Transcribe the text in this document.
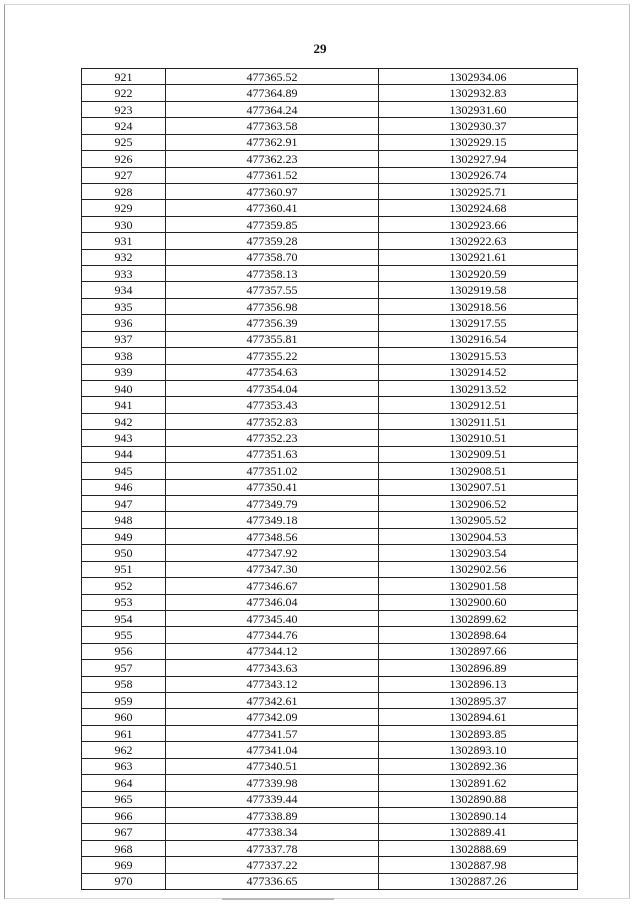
29
921	477365.52	1302934.06
922	477364.89	1302932.83
923	477364.24	1302931.60
924	477363.58	1302930.37
925	477362.91	1302929.15
926	477362.23	1302927.94
927	477361.52	1302926.74
928	477360.97	1302925.71
929	477360.41	1302924.68
930	477359.85	1302923.66
931	477359.28	1302922.63
932	477358.70	1302921.61
933	477358.13	1302920.59
934	477357.55	1302919.58
935	477356.98	1302918.56
936	477356.39	1302917.55
937	477355.81	1302916.54
938	477355.22	1302915.53
939	477354.63	1302914.52
940	477354.04	1302913.52
941	477353.43	1302912.51
942	477352.83	1302911.51
943	477352.23	1302910.51
944	477351.63	1302909.51
945	477351.02	1302908.51
946	477350.41	1302907.51
947	477349.79	1302906.52
948	477349.18	1302905.52
949	477348.56	1302904.53
950	477347.92	1302903.54
951	477347.30	1302902.56
952	477346.67	1302901.58
953	477346.04	1302900.60
954	477345.40	1302899.62
955	477344.76	1302898.64
956	477344.12	1302897.66
957	477343.63	1302896.89
958	477343.12	1302896.13
959	477342.61	1302895.37
960	477342.09	1302894.61
961	477341.57	1302893.85
962	477341.04	1302893.10
963	477340.51	1302892.36
964	477339.98	1302891.62
965	477339.44	1302890.88
966	477338.89	1302890.14
967	477338.34	1302889.41
968	477337.78	1302888.69
969	477337.22	1302887.98
970	477336.65	1302887.26
